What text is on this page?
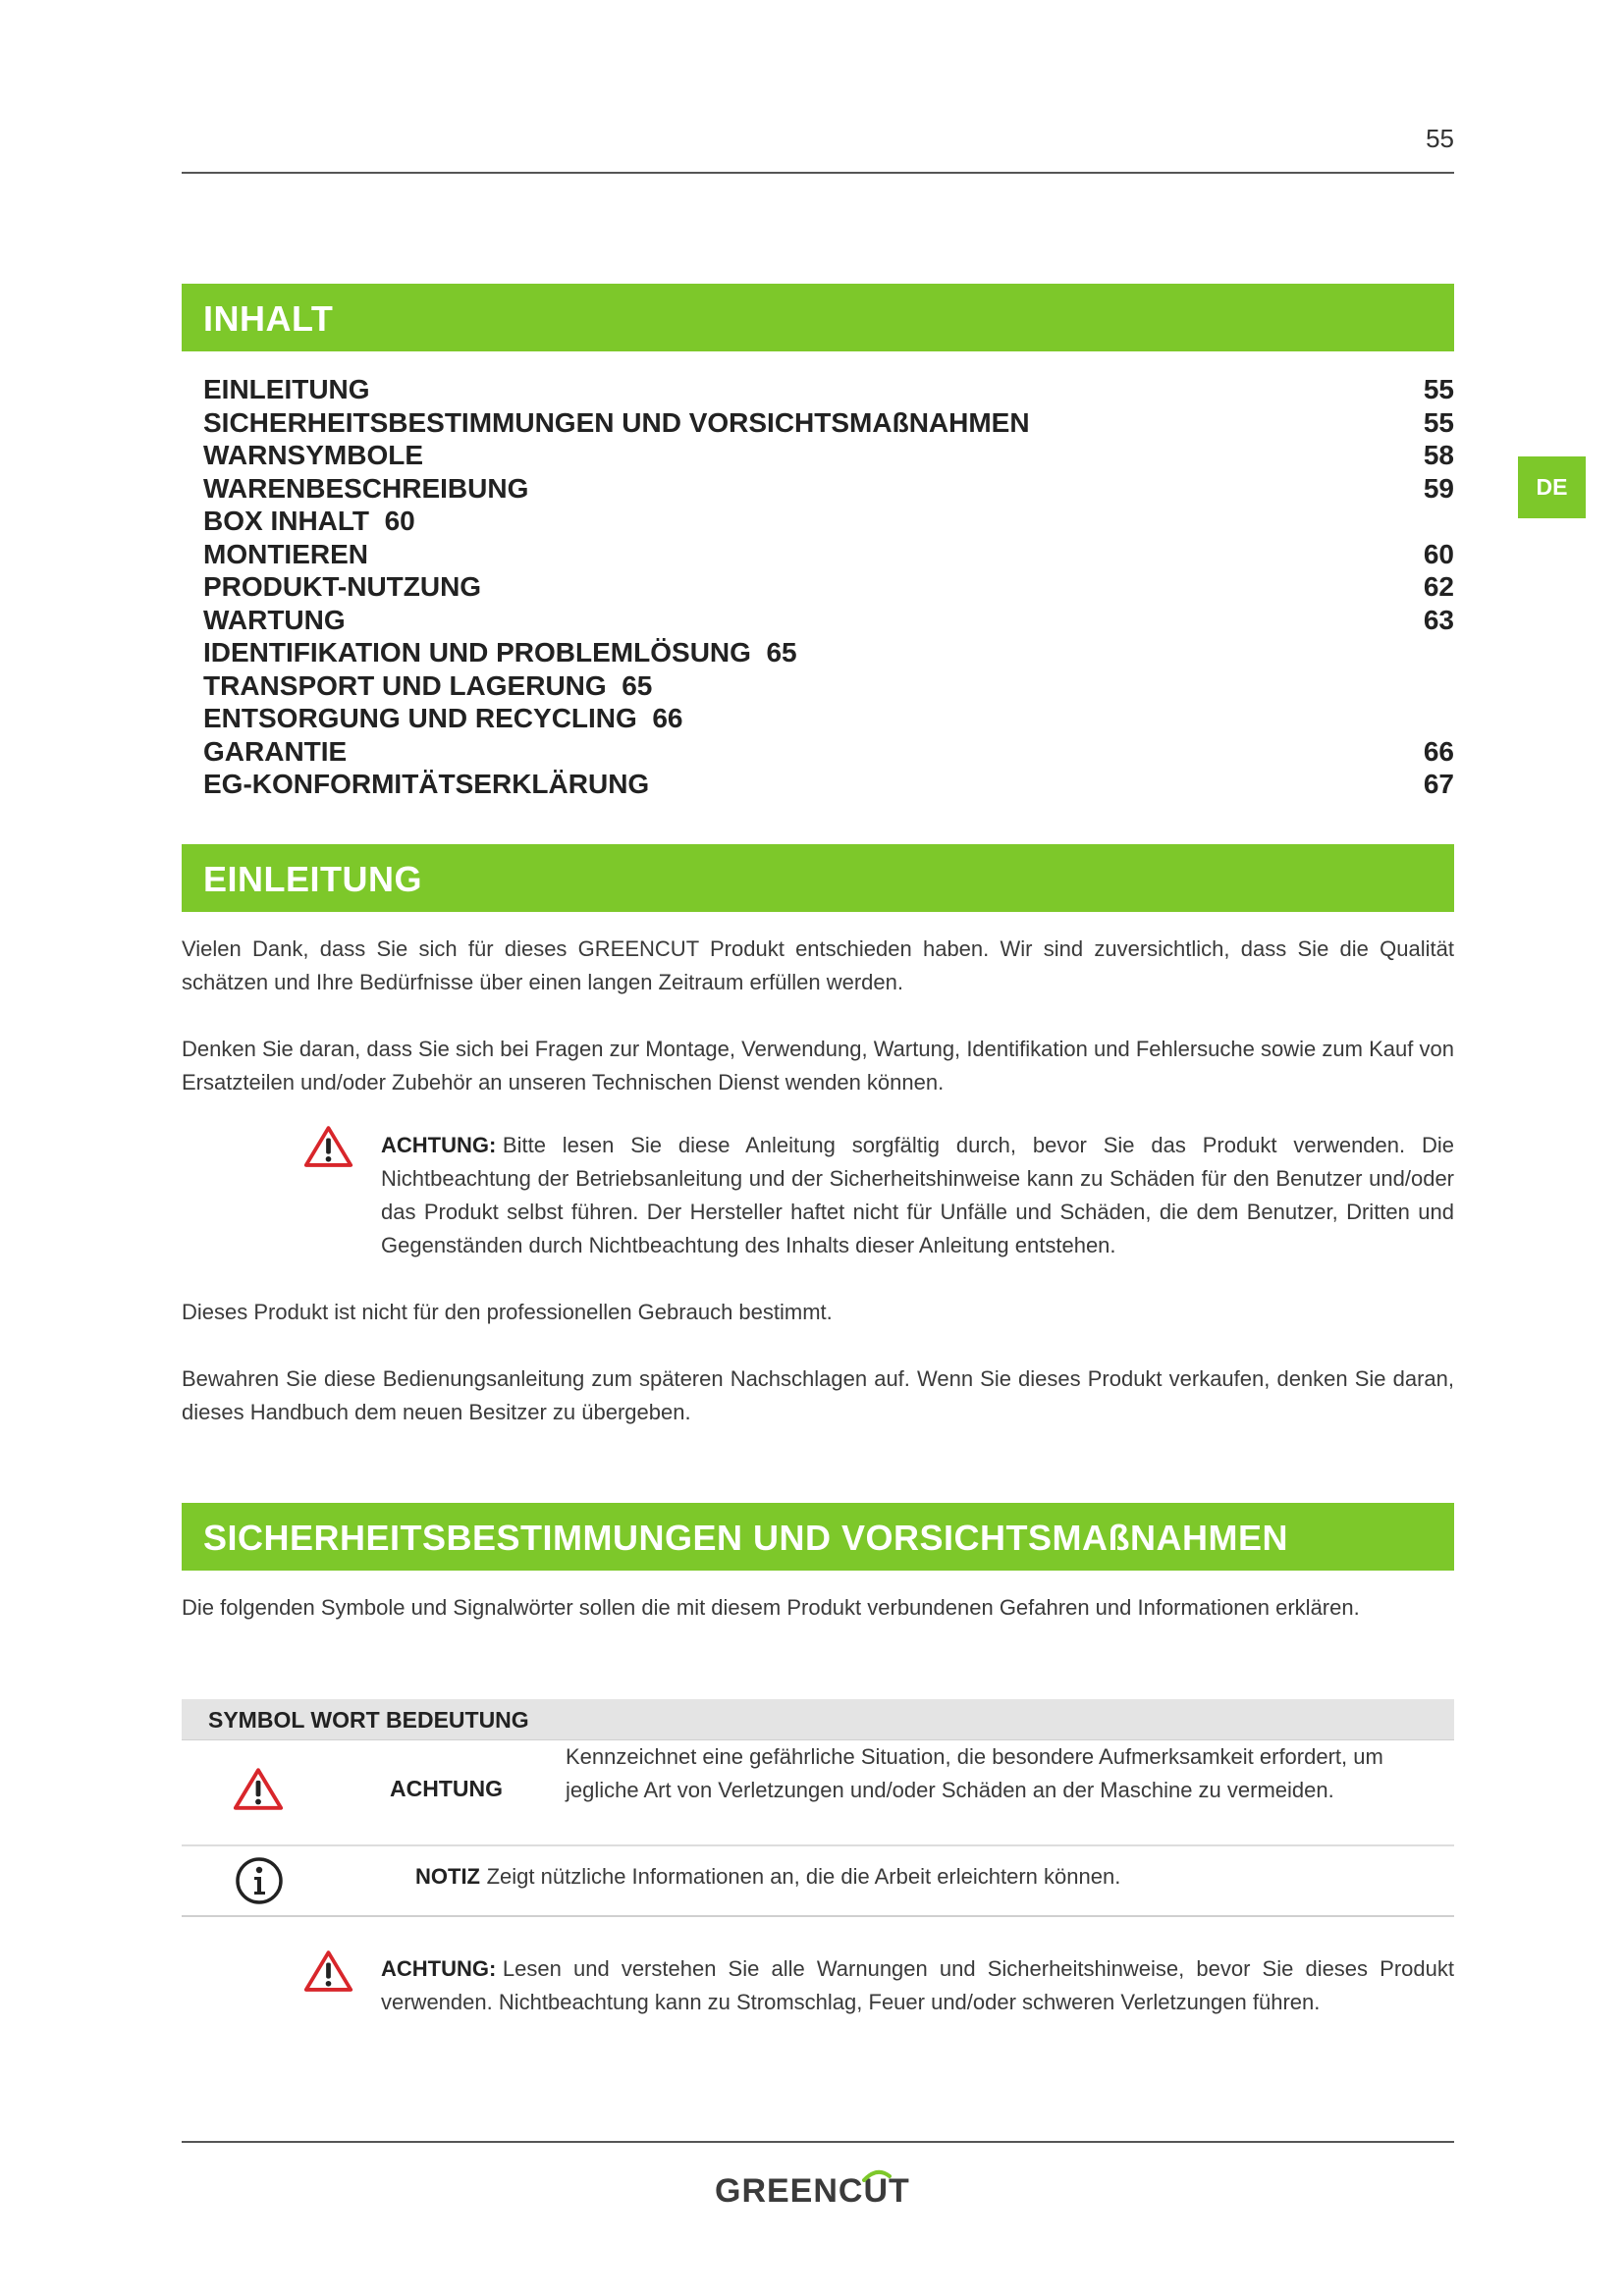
55
DE
INHALT
EINLEITUNG	55
SICHERHEITSBESTIMMUNGEN UND VORSICHTSMAßNAHMEN	55
WARNSYMBOLE	58
WARENBESCHREIBUNG	59
BOX INHALT  60
MONTIEREN	60
PRODUKT-NUTZUNG	62
WARTUNG	63
IDENTIFIKATION UND PROBLEMLÖSUNG  65
TRANSPORT UND LAGERUNG  65
ENTSORGUNG UND RECYCLING  66
GARANTIE	66
EG-KONFORMITÄTSERKLÄRUNG	67
EINLEITUNG
Vielen Dank, dass Sie sich für dieses GREENCUT Produkt entschieden haben. Wir sind zuversichtlich, dass Sie die Qualität schätzen und Ihre Bedürfnisse über einen langen Zeitraum erfüllen werden.
Denken Sie daran, dass Sie sich bei Fragen zur Montage, Verwendung, Wartung, Identifikation und Fehlersuche sowie zum Kauf von Ersatzteilen und/oder Zubehör an unseren Technischen Dienst wenden können.
ACHTUNG: Bitte lesen Sie diese Anleitung sorgfältig durch, bevor Sie das Produkt verwenden. Die Nichtbeachtung der Betriebsanleitung und der Sicherheitshinweise kann zu Schäden für den Benutzer und/oder das Produkt selbst führen. Der Hersteller haftet nicht für Unfälle und Schäden, die dem Benutzer, Dritten und Gegenständen durch Nichtbeachtung des Inhalts dieser Anleitung entstehen.
Dieses Produkt ist nicht für den professionellen Gebrauch bestimmt.
Bewahren Sie diese Bedienungsanleitung zum späteren Nachschlagen auf. Wenn Sie dieses Produkt verkaufen, denken Sie daran, dieses Handbuch dem neuen Besitzer zu übergeben.
SICHERHEITSBESTIMMUNGEN UND VORSICHTSMAßNAHMEN
Die folgenden Symbole und Signalwörter sollen die mit diesem Produkt verbundenen Gefahren und Informationen erklären.
SYMBOL WORT BEDEUTUNG
ACHTUNG
Kennzeichnet eine gefährliche Situation, die besondere Aufmerksamkeit erfordert, um jegliche Art von Verletzungen und/oder Schäden an der Maschine zu vermeiden.
NOTIZ Zeigt nützliche Informationen an, die die Arbeit erleichtern können.
ACHTUNG: Lesen und verstehen Sie alle Warnungen und Sicherheitshinweise, bevor Sie dieses Produkt verwenden. Nichtbeachtung kann zu Stromschlag, Feuer und/oder schweren Verletzungen führen.
GREENCUT
